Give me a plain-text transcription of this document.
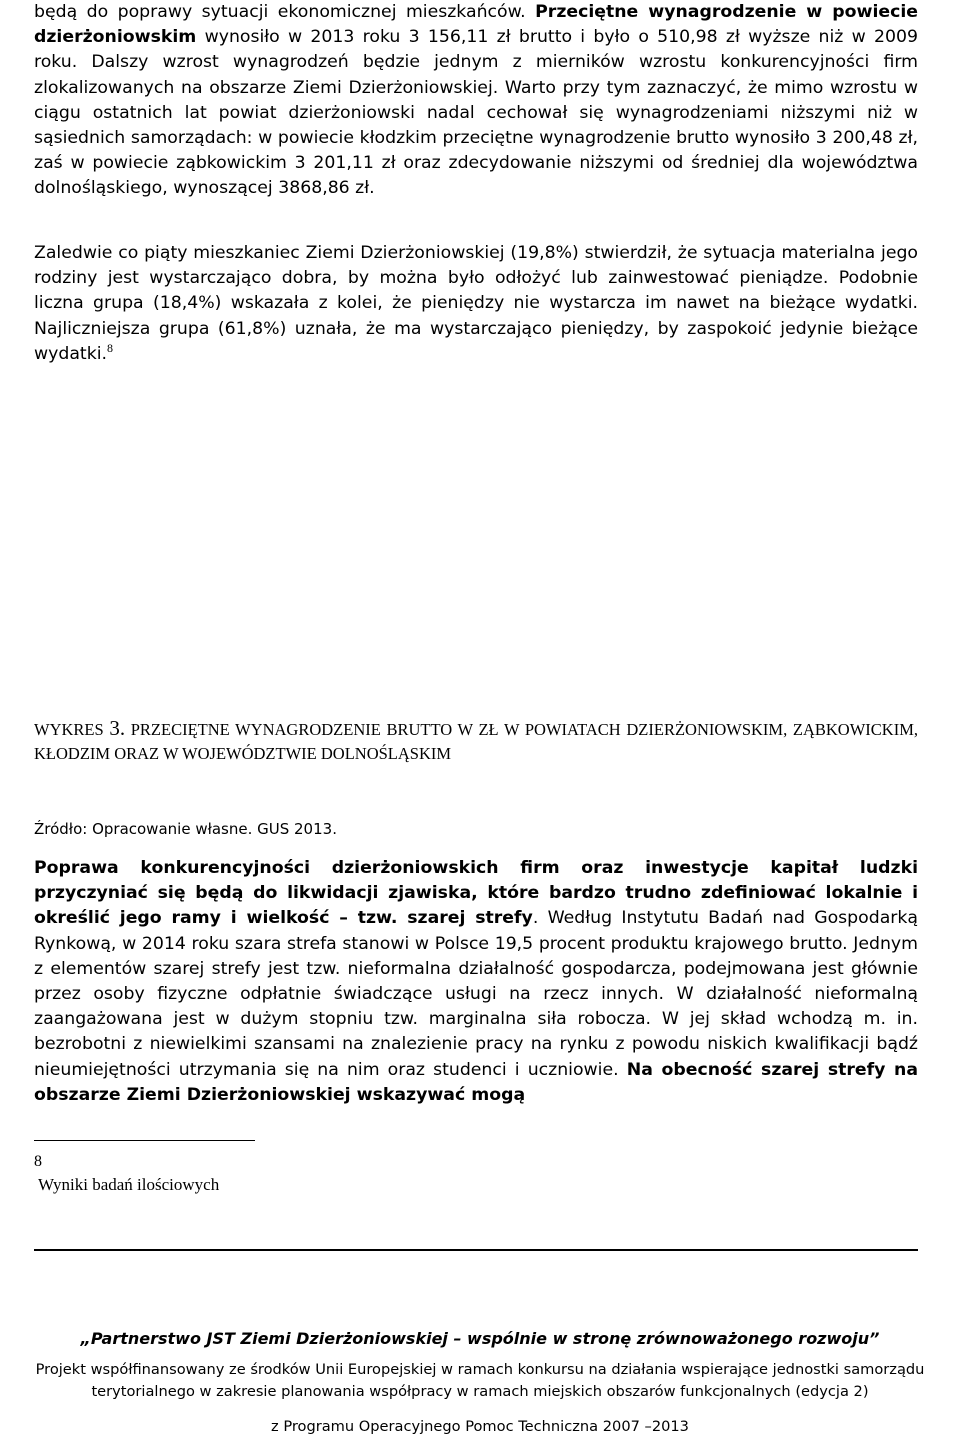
będą do poprawy sytuacji ekonomicznej mieszkańców. Przeciętne wynagrodzenie w powiecie dzierżoniowskim wynosiło w 2013 roku 3 156,11 zł brutto i było o 510,98 zł wyższe niż w 2009 roku. Dalszy wzrost wynagrodzeń będzie jednym z mierników wzrostu konkurencyjności firm zlokalizowanych na obszarze Ziemi Dzierżoniowskiej. Warto przy tym zaznaczyć, że mimo wzrostu w ciągu ostatnich lat powiat dzierżoniowski nadal cechował się wynagrodzeniami niższymi niż w sąsiednich samorządach: w powiecie kłodzkim przeciętne wynagrodzenie brutto wynosiło 3 200,48 zł, zaś w powiecie ząbkowickim 3 201,11 zł oraz zdecydowanie niższymi od średniej dla województwa dolnośląskiego, wynoszącej 3868,86 zł.

Zaledwie co piąty mieszkaniec Ziemi Dzierżoniowskiej (19,8%) stwierdził, że sytuacja materialna jego rodziny jest wystarczająco dobra, by można było odłożyć lub zainwestować pieniądze. Podobnie liczna grupa (18,4%) wskazała z kolei, że pieniędzy nie wystarcza im nawet na bieżące wydatki. Najliczniejsza grupa (61,8%) uznała, że ma wystarczająco pieniędzy, by zaspokoić jedynie bieżące wydatki.$^8$

WYKRES 3. PRZECIĘTNE WYNAGRODZENIE BRUTTO W ZŁ W POWIATACH DZIERŻONIOWSKIM, ZĄBKOWICKIM, KŁODZIM ORAZ W WOJEWÓDZTWIE DOLNOŚLĄSKIM
Źródło: Opracowanie własne. GUS 2013.

Poprawa konkurencyjności dzierżoniowskich firm oraz inwestycje kapitał ludzki przyczyniać się będą do likwidacji zjawiska, które bardzo trudno zdefiniować lokalnie i określić jego ramy i wielkość – tzw. szarej strefy. Według Instytutu Badań nad Gospodarką Rynkową, w 2014 roku szara strefa stanowi w Polsce 19,5 procent produktu krajowego brutto. Jednym z elementów szarej strefy jest tzw. nieformalna działalność gospodarcza, podejmowana jest głównie przez osoby fizyczne odpłatnie świadczące usługi na rzecz innych. W działalność nieformalną zaangażowana jest w dużym stopniu tzw. marginalna siła robocza. W jej skład wchodzą m. in. bezrobotni z niewielkimi szansami na znalezienie pracy na rynku z powodu niskich kwalifikacji bądź nieumiejętności utrzymania się na nim oraz studenci i uczniowie. Na obecność szarej strefy na obszarze Ziemi Dzierżoniowskiej wskazywać mogą

8
Wyniki badań ilościowych
„Partnerstwo JST Ziemi Dzierżoniowskiej – wspólnie w stronę zrównoważonego rozwoju”
Projekt współfinansowany ze środków Unii Europejskiej w ramach konkursu na działania wspierające jednostki samorządu
terytorialnego w zakresie planowania współpracy w ramach miejskich obszarów funkcjonalnych (edycja 2)
z Programu Operacyjnego Pomoc Techniczna 2007 –2013
